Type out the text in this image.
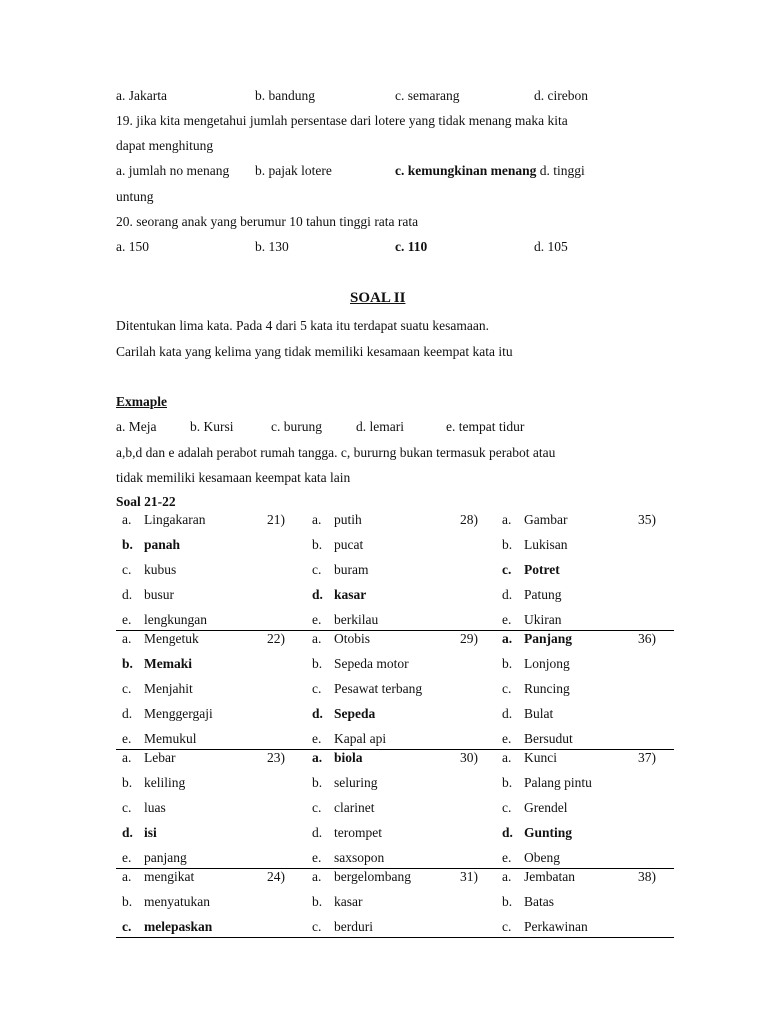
a. Jakarta	b. bandung	c. semarang	d. cirebon
19. jika kita mengetahui jumlah persentase dari lotere yang tidak menang maka kita
dapat menghitung
a. jumlah no menang b. pajak lotere	c. kemungkinan menang d. tinggi
untung
20. seorang anak yang berumur 10 tahun tinggi rata rata
a. 150	b. 130	c. 110	d. 105
SOAL II
Ditentukan lima kata. Pada 4 dari 5 kata itu terdapat suatu kesamaan.
Carilah kata yang kelima yang tidak memiliki kesamaan keempat kata itu
Exmaple
a. Meja b. Kursi	c. burung	d. lemari	e. tempat tidur
a,b,d dan e adalah perabot rumah tangga. c, bururng bukan termasuk perabot atau
tidak memiliki kesamaan keempat kata lain
Soal 21-22
21)
a. Lingakaran
b. panah
c. kubus
d. busur
e. lengkungan
28)
a. putih
b. pucat
c. buram
d. kasar
e. berkilau
35)
a. Gambar
b. Lukisan
c. Potret
d. Patung
e. Ukiran
22)
a. Mengetuk
b. Memaki
c. Menjahit
d. Menggergaji
e. Memukul
29)
a. Otobis
b. Sepeda motor
c. Pesawat terbang
d. Sepeda
e. Kapal api
36)
a. Panjang
b. Lonjong
c. Runcing
d. Bulat
e. Bersudut
23)
a. Lebar
b. keliling
c. luas
d. isi
e. panjang
30)
a. biola
b. seluring
c. clarinet
d. terompet
e. saxsopon
37)
a. Kunci
b. Palang pintu
c. Grendel
d. Gunting
e. Obeng
24)
a. mengikat
b. menyatukan
c. melepaskan
31)
a. bergelombang
b. kasar
c. berduri
38)
a. Jembatan
b. Batas
c. Perkawinan
